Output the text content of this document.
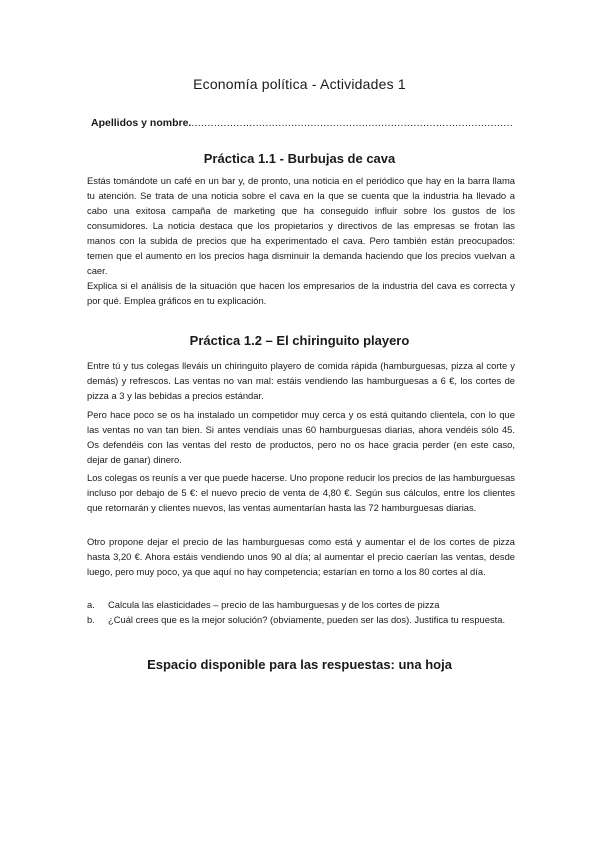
Economía política - Actividades 1
Apellidos y nombre.....................................................................................................
Práctica 1.1 - Burbujas de cava

Estás tomándote un café en un bar y, de pronto, una noticia en el periódico que hay en la barra llama tu atención. Se trata de una noticia sobre el cava en la que se cuenta que la industria ha llevado a cabo una exitosa campaña de marketing que ha conseguido influir sobre los gustos de los consumidores. La noticia destaca que los propietarios y directivos de las empresas se frotan las manos con la subida de precios que ha experimentado el cava. Pero también están preocupados: temen que el aumento en los precios haga disminuir la demanda haciendo que los precios vuelvan a caer.

Explica si el análisis de la situación que hacen los empresarios de la industria del cava es correcta y por qué. Emplea gráficos en tu explicación.

Práctica 1.2 – El chiringuito playero

Entre tú y tus colegas lleváis un chiringuito playero de comida rápida (hamburguesas, pizza al corte y demás) y refrescos. Las ventas no van mal: estáis vendiendo las hamburguesas a 6 €, los cortes de pizza a 3 y las bebidas a precios estándar.

Pero hace poco se os ha instalado un competidor muy cerca y os está quitando clientela, con lo que las ventas no van tan bien. Si antes vendíais unas 60 hamburguesas diarias, ahora vendéis sólo 45. Os defendéis con las ventas del resto de productos, pero no os hace gracia perder (en este caso, dejar de ganar) dinero.

Los colegas os reunís a ver que puede hacerse. Uno propone reducir los precios de las hamburguesas incluso por debajo de 5 €: el nuevo precio de venta de 4,80 €. Según sus cálculos, entre los clientes que retornarán y clientes nuevos, las ventas aumentarían hasta las 72 hamburguesas diarias.

Otro propone dejar el precio de las hamburguesas como está y aumentar el de los cortes de pizza hasta 3,20 €. Ahora estáis vendiendo unos 90 al día; al aumentar el precio caerían las ventas, desde luego, pero muy poco, ya que aquí no hay competencia; estarían en torno a los 80 cortes al día.

a. Calcula las elasticidades – precio de las hamburguesas y de los cortes de pizza
b. ¿Cuál crees que es la mejor solución? (obviamente, pueden ser las dos). Justifica tu respuesta.
Espacio disponible para las respuestas: una hoja
